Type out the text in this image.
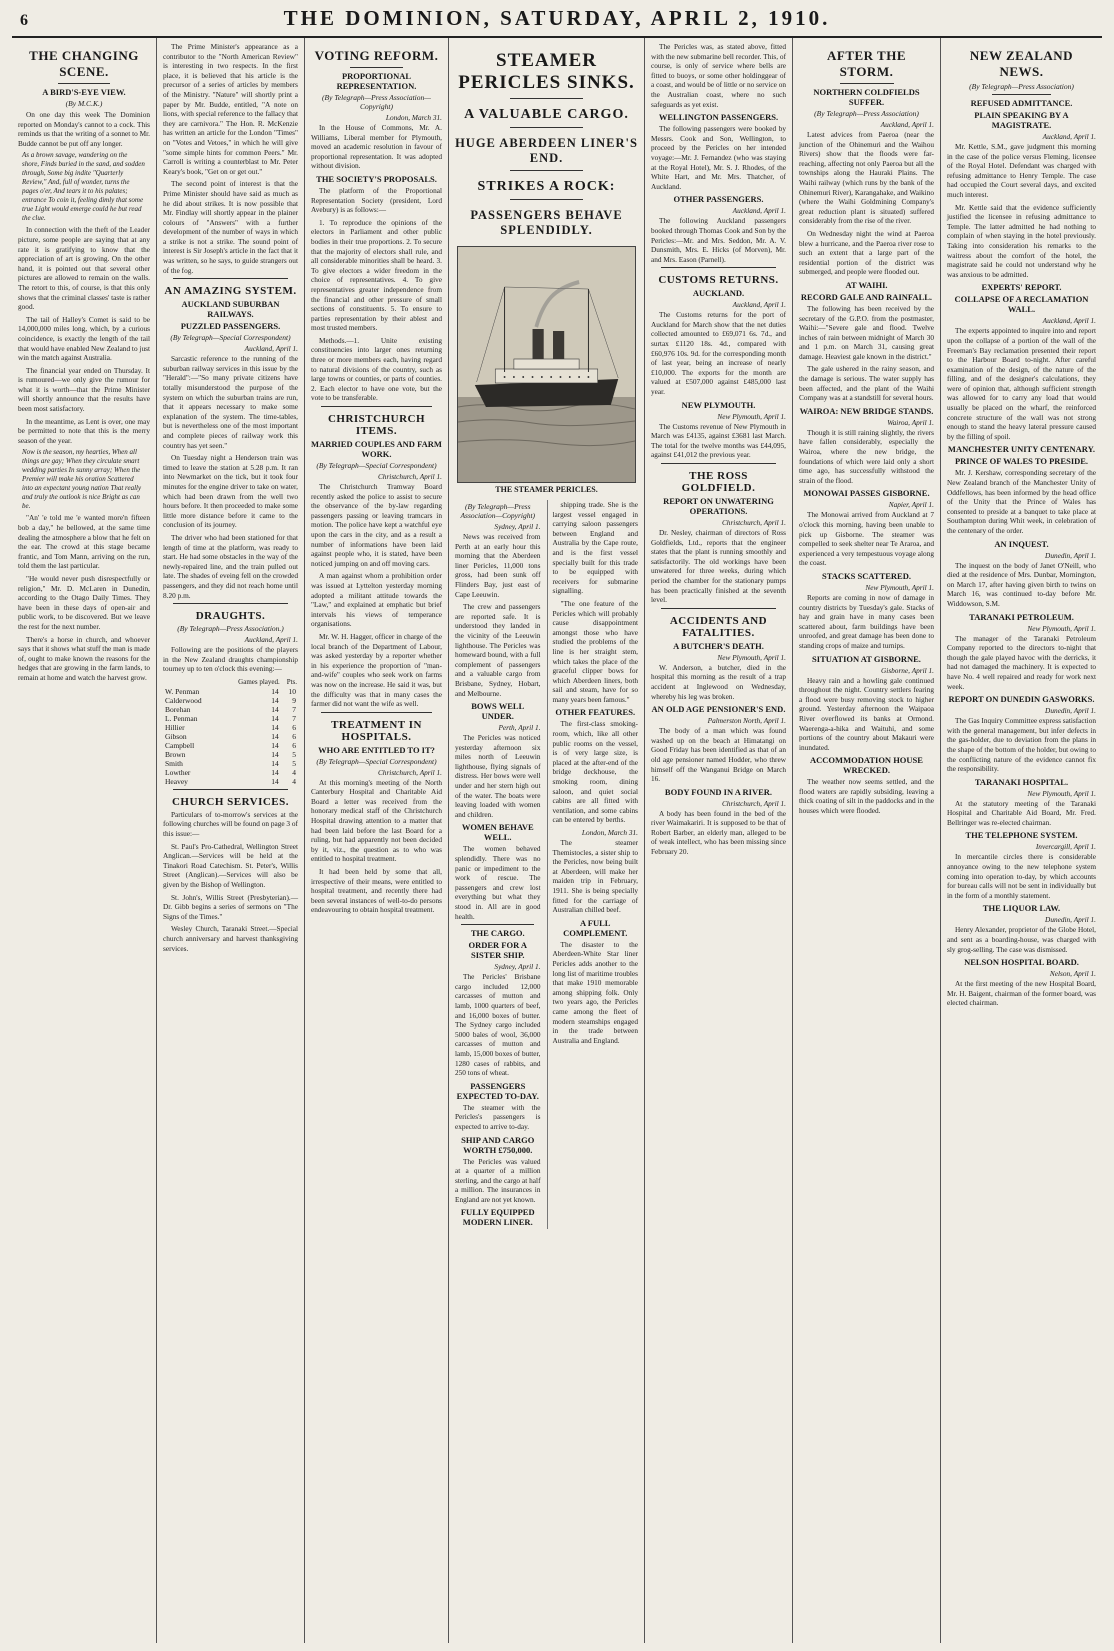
6	THE DOMINION, SATURDAY, APRIL 2, 1910.
THE CHANGING SCENE.
A BIRD'S-EYE VIEW.
(By M.C.K.)

On one day this week The Dominion reported on Monday's cannot to a cock. This reminds us that the writing of a sonnet to Mr. Budde cannot be put off any longer.

As a brown savage, wandering on the shore, Finds buried in the sand, and sodden through, Some big indite "Quarterly Review," And, full of wonder, turns the pages o'er, And tears it to his palates; entrance To coin it, feeling dimly that some true Light would emerge could he but read the clue.

In connection with the theft of the Leader picture, some people are saying that at any rate it is gratifying to know that the appreciation of art is growing. On the other hand, it is pointed out that several other pictures are allowed to remain on the walls. The retort to this, of course, is that this only shows that the criminal classes' taste is rather good.

The tail of Halley's Comet is said to be 14,000,000 miles long, which, by a curious coincidence, is exactly the length of the tail that would have enabled New Zealand to just win the match against Australia.

The financial year ended on Thursday. It is rumoured—we only give the rumour for what it is worth—that the Prime Minister will shortly announce that the results have been most satisfactory.

In the meantime, as Lent is over, one may be permitted to note that this is the merry season of the year.

Now is the season, my hearties, When all things are gay; When they circulate smart wedding parties In sunny array; When the Premier will make his oration Scattered into an expectant young nation That really and truly the outlook is nice Bright as can be.

"An' 'e told me 'e wanted more'n fifteen bob a day," he bellowed, at the same time dealing the atmosphere a blow that he felt on the ear. The crowd at this stage became frantic, and Tom Mann, arriving on the run, told them the last particular.

"He would never push disrespectfully or religion," Mr. D. McLaren in Dunedin, according to the Otago Daily Times. They have been in these days of open-air and public work, to be discovered. But we leave the rest for the next number.

There's a horse in church, and whoever says that it shows what stuff the man is made of, ought to make known the reasons for the hedges that are growing in the farm lands, to remain at home and watch the harvest grow.

The Prime Minister's appearance as a contributor to the "North American Review" is interesting in two respects. In the first place, it is believed that his article is the precursor of a series of articles by members of the Ministry. "Nature" will shortly print a paper by Mr. Budde, entitled, "A note on lions, with special reference to the fallacy that they are carnivora." The Hon. R. McKenzie has written an article for the London "Times" on "Votes and Vetoes," in which he will give "some simple hints for common Peers." Mr. Carroll is writing a counterblast to Mr. Peter Keary's book, "Get on or get out."

The second point of interest is that the Prime Minister should have said as much as he did about strikes. It is now possible that Mr. Findlay will shortly appear in the plainer colours of "Answers" with a further development of the number of ways in which a strike is not a strike. The sound point of interest is Sir Joseph's article in the fact that it was written, so he says, to guide strangers out of the fog.

AN AMAZING SYSTEM.
AUCKLAND SUBURBAN RAILWAYS.
PUZZLED PASSENGERS.
(By Telegraph—Special Correspondent)
Auckland, April 1.

Sarcastic reference to the running of the suburban railway services in this issue by the "Herald":—"So many private citizens have totally misunderstood the purpose of the system on which the suburban trains are run, that it appears necessary to make some explanation of the system. The time-tables, but is nevertheless one of the most important and complete pieces of railway work this country has yet seen."

On Tuesday night a Henderson train was timed to leave the station at 5.28 p.m. It ran into Newmarket on the tick, but it took four minutes for the engine driver to take on water, which had been drawn from the well two hours before. It then proceeded to make some little more distance before it came to the conclusion of its journey.

The driver who had been stationed for that length of time at the platform, was ready to start. He had some obstacles in the way of the newly-repaired line, and the train pulled out late. The shades of eveing fell on the crowded passengers, and they did not reach home until 8.20 p.m.

DRAUGHTS.
(By Telegraph—Press Association.)
Auckland, April 1.

Following are the positions of the players in the New Zealand draughts championship tourney up to ten o'clock this evening:—

	Games played.	Pts.
W. Penman	14	10
Calderwood	14	9
Borehan	14	7
L. Penman	14	7
Hillier	14	6
Gibson	14	6
Campbell	14	6
Brown	14	5
Smith	14	5
Lowther	14	4
Heavey	14	4
CHURCH SERVICES.

Particulars of to-morrow's services at the following churches will be found on page 3 of this issue:—

St. Paul's Pro-Cathedral, Wellington Street Anglican.—Services will be held at the Tinakori Road Catechism. St. Peter's, Willis Street (Anglican).—Services will also be given by the Bishop of Wellington.

St. John's, Willis Street (Presbyterian).—Dr. Gibb begins a series of sermons on "The Signs of the Times."

Wesley Church, Taranaki Street.—Special church anniversary and harvest thanksgiving services.

VOTING REFORM.
PROPORTIONAL REPRESENTATION.
(By Telegraph—Press Association—Copyright)
London, March 31.

In the House of Commons, Mr. A. Williams, Liberal member for Plymouth, moved an academic resolution in favour of proportional representation. It was adopted without division.

THE SOCIETY'S PROPOSALS.

The platform of the Proportional Representation Society (president, Lord Avebury) is as follows:—

1. To reproduce the opinions of the electors in Parliament and other public bodies in their true proportions. 2. To secure that the majority of electors shall rule, and all considerable minorities shall be heard. 3. To give electors a wider freedom in the choice of representatives. 4. To give representatives greater independence from the financial and other pressure of small sections of constituents. 5. To ensure to parties representation by their ablest and most trusted members.

Methods.—1. Unite existing constituencies into larger ones returning three or more members each, having regard to natural divisions of the country, such as large towns or counties, or parts of counties. 2. Each elector to have one vote, but the vote to be transferable.

CHRISTCHURCH ITEMS.
MARRIED COUPLES AND FARM WORK.
(By Telegraph—Special Correspondent)
Christchurch, April 1.

The Christchurch Tramway Board recently asked the police to assist to secure the observance of the by-law regarding passengers passing or leaving tramcars in motion. The police have kept a watchful eye upon the cars in the city, and as a result a number of informations have been laid against people who, it is stated, have been noticed jumping on and off moving cars.

A man against whom a prohibition order was issued at Lyttelton yesterday morning adopted a militant attitude towards the "Law," and explained at emphatic but brief intervals his views of temperance organisations.

Mr. W. H. Hagger, officer in charge of the local branch of the Department of Labour, was asked yesterday by a reporter whether in his experience the proportion of "man-and-wife" couples who seek work on farms was now on the increase. He said it was, but the difficulty was that in many cases the farmer did not want the wife as well.

TREATMENT IN HOSPITALS.
WHO ARE ENTITLED TO IT?
(By Telegraph—Special Correspondent)
Christchurch, April 1.

At this morning's meeting of the North Canterbury Hospital and Charitable Aid Board a letter was received from the honorary medical staff of the Christchurch Hospital drawing attention to a matter that had been laid before the last Board for a ruling, but had apparently not been decided by it, viz., the question as to who was entitled to hospital treatment.

It had been held by some that all, irrespective of their means, were entitled to hospital treatment, and recently there had been several instances of well-to-do persons endeavouring to obtain hospital treatment.

STEAMER PERICLES SINKS.
A VALUABLE CARGO.
HUGE ABERDEEN LINER'S END.
STRIKES A ROCK:
PASSENGERS BEHAVE SPLENDIDLY.
THE STEAMER PERICLES.
(By Telegraph—Press Association—Copyright)
Sydney, April 1.

News was received from Perth at an early hour this morning that the Aberdeen liner Pericles, 11,000 tons gross, had been sunk off Flinders Bay, just east of Cape Leeuwin.

The crew and passengers are reported safe. It is understood they landed in the vicinity of the Leeuwin lighthouse. The Pericles was homeward bound, with a full complement of passengers and a valuable cargo from Brisbane, Sydney, Hobart, and Melbourne.

BOWS WELL UNDER.
Perth, April 1.

The Pericles was noticed yesterday afternoon six miles north of Leeuwin lighthouse, flying signals of distress. Her bows were well under and her stern high out of the water. The boats were leaving loaded with women and children.

WOMEN BEHAVE WELL.

The women behaved splendidly. There was no panic or impediment to the work of rescue. The passengers and crew lost everything but what they stood in. All are in good health.

THE CARGO.
ORDER FOR A SISTER SHIP.
Sydney, April 1.

The Pericles' Brisbane cargo included 12,000 carcasses of mutton and lamb, 1000 quarters of beef, and 16,000 boxes of butter. The Sydney cargo included 5000 bales of wool, 36,000 carcasses of mutton and lamb, 15,000 boxes of butter, 1280 cases of rabbits, and 250 tons of wheat.

PASSENGERS EXPECTED TO-DAY.

The steamer with the Pericles's passengers is expected to arrive to-day.

SHIP AND CARGO WORTH £750,000.

The Pericles was valued at a quarter of a million sterling, and the cargo at half a million. The insurances in England are not yet known.

FULLY EQUIPPED MODERN LINER.

shipping trade. She is the largest vessel engaged in carrying saloon passengers between England and Australia by the Cape route, and is the first vessel specially built for this trade to be equipped with receivers for submarine signalling.

"The one feature of the Pericles which will probably cause disappointment amongst those who have studied the problems of the line is her straight stem, which takes the place of the graceful clipper bows for which Aberdeen liners, both sail and steam, have for so many years been famous."

OTHER FEATURES.

The first-class smoking-room, which, like all other public rooms on the vessel, is of very large size, is placed at the after-end of the bridge deckhouse, the smoking room, dining saloon, and quiet social cabins are all fitted with ventilation, and some cabins can be entered by berths.

London, March 31.

The steamer Themistocles, a sister ship to the Pericles, now being built at Aberdeen, will make her maiden trip in February, 1911. She is being specially fitted for the carriage of Australian chilled beef.

A FULL COMPLEMENT.

The disaster to the Aberdeen-White Star liner Pericles adds another to the long list of maritime troubles that make 1910 memorable among shipping folk. Only two years ago, the Pericles came among the fleet of modern steamships engaged in the trade between Australia and England.

The Pericles was, as stated above, fitted with the new submarine bell recorder. This, of course, is only of service where bells are fitted to buoys, or some other holdinggear of a coast, and would be of little or no service on the Australian coast, where no such safeguards as yet exist.

WELLINGTON PASSENGERS.

The following passengers were booked by Messrs. Cook and Son, Wellington, to proceed by the Pericles on her intended voyage:—Mr. J. Fernandez (who was staying at the Royal Hotel), Mr. S. J. Rhodes, of the White Hart, and Mr. Mrs. Thatcher, of Auckland.

OTHER PASSENGERS.
Auckland, April 1.

The following Auckland passengers booked through Thomas Cook and Son by the Pericles:—Mr. and Mrs. Seddon, Mr. A. V. Dunsmith, Mrs. E. Hicks (of Morven), Mr. and Mrs. Eason (Parnell).

CUSTOMS RETURNS.
AUCKLAND.
Auckland, April 1.

The Customs returns for the port of Auckland for March show that the net duties collected amounted to £69,071 6s. 7d., and surtax £1120 18s. 4d., compared with £60,976 10s. 9d. for the corresponding month of last year, being an increase of nearly £10,000. The exports for the month are valued at £507,000 against £485,000 last year.

NEW PLYMOUTH.
New Plymouth, April 1.

The Customs revenue of New Plymouth in March was £4135, against £3681 last March. The total for the twelve months was £44,095, against £41,012 the previous year.

THE ROSS GOLDFIELD.
REPORT ON UNWATERING OPERATIONS.
Christchurch, April 1.

Dr. Nesley, chairman of directors of Ross Goldfields, Ltd., reports that the engineer states that the plant is running smoothly and satisfactorily. The old workings have been unwatered for three weeks, during which period the chamber for the stationary pumps has been practically finished at the seventh level.

ACCIDENTS AND FATALITIES.
A BUTCHER'S DEATH.
New Plymouth, April 1.

W. Anderson, a butcher, died in the hospital this morning as the result of a trap accident at Inglewood on Wednesday, whereby his leg was broken.

AN OLD AGE PENSIONER'S END.
Palmerston North, April 1.

The body of a man which was found washed up on the beach at Himatangi on Good Friday has been identified as that of an old age pensioner named Hodder, who threw himself off the Wanganui Bridge on March 16.

BODY FOUND IN A RIVER.
Christchurch, April 1.

A body has been found in the bed of the river Waimakariri. It is supposed to be that of Robert Barber, an elderly man, alleged to be of weak intellect, who has been missing since February 20.

AFTER THE STORM.
NORTHERN COLDFIELDS SUFFER.
(By Telegraph—Press Association)
Auckland, April 1.

Latest advices from Paeroa (near the junction of the Ohinemuri and the Waihou Rivers) show that the floods were far-reaching, affecting not only Paeroa but all the townships along the Hauraki Plains. The Waihi railway (which runs by the bank of the Ohinemuri River), Karangahake, and Waikino (where the Waihi Goldmining Company's great reduction plant is situated) suffered considerably from the rise of the river.

On Wednesday night the wind at Paeroa blew a hurricane, and the Paeroa river rose to such an extent that a large part of the residential portion of the district was submerged, and people were flooded out.

AT WAIHI.
RECORD GALE AND RAINFALL.

The following has been received by the secretary of the G.P.O. from the postmaster, Waihi:—"Severe gale and flood. Twelve inches of rain between midnight of March 30 and 1 p.m. on March 31, causing great damage. Heaviest gale known in the district."

The gale ushered in the rainy season, and the damage is serious. The water supply has been affected, and the plant of the Waihi Company was at a standstill for several hours.

WAIROA: NEW BRIDGE STANDS.
Wairoa, April 1.

Though it is still raining slightly, the rivers have fallen considerably, especially the Wairoa, where the new bridge, the foundations of which were laid only a short time ago, has successfully withstood the strain of the flood.

MONOWAI PASSES GISBORNE.
Napier, April 1.

The Monowai arrived from Auckland at 7 o'clock this morning, having been unable to pick up Gisborne. The steamer was compelled to seek shelter near Te Araroa, and experienced a very tempestuous voyage along the coast.

STACKS SCATTERED.
New Plymouth, April 1.

Reports are coming in now of damage in country districts by Tuesday's gale. Stacks of hay and grain have in many cases been scattered about, farm buildings have been unroofed, and great damage has been done to standing crops of maize and turnips.

SITUATION AT GISBORNE.
Gisborne, April 1.

Heavy rain and a howling gale continued throughout the night. Country settlers fearing a flood were busy removing stock to higher ground. Yesterday afternoon the Waipaoa River overflowed its banks at Ormond. Waerenga-a-hika and Waituhi, and some portions of the country about Makauri were inundated.

ACCOMMODATION HOUSE WRECKED.

The weather now seems settled, and the flood waters are rapidly subsiding, leaving a thick coating of silt in the paddocks and in the houses which were flooded.

NEW ZEALAND NEWS.
(By Telegraph—Press Association)
REFUSED ADMITTANCE.
PLAIN SPEAKING BY A MAGISTRATE.
Auckland, April 1.

Mr. Kettle, S.M., gave judgment this morning in the case of the police versus Fleming, licensee of the Royal Hotel. Defendant was charged with refusing admittance to Henry Temple. The case had occupied the Court several days, and excited much interest.

Mr. Kettle said that the evidence sufficiently justified the licensee in refusing admittance to Temple. The latter admitted he had nothing to complain of when staying in the hotel previously. Taking into consideration his remarks to the waitress about the comfort of the hotel, the magistrate said he could not understand why he was anxious to be admitted.

EXPERTS' REPORT.
COLLAPSE OF A RECLAMATION WALL.
Auckland, April 1.

The experts appointed to inquire into and report upon the collapse of a portion of the wall of the Freeman's Bay reclamation presented their report to the Harbour Board to-night. After careful examination of the design, of the nature of the filling, and of the designer's calculations, they were of opinion that, although sufficient strength was allowed for to carry any load that would usually be placed on the wharf, the reinforced concrete structure of the wall was not strong enough to stand the heavy lateral pressure caused by the filling of spoil.

MANCHESTER UNITY CENTENARY.
PRINCE OF WALES TO PRESIDE.

Mr. J. Kershaw, corresponding secretary of the New Zealand branch of the Manchester Unity of Oddfellows, has been informed by the head office of the Unity that the Prince of Wales has consented to preside at a banquet to take place at Southampton during Whit week, in celebration of the centenary of the order.

AN INQUEST.
Dunedin, April 1.

The inquest on the body of Janet O'Neill, who died at the residence of Mrs. Dunbar, Mornington, on March 17, after having given birth to twins on March 16, was continued to-day before Mr. Widdowson, S.M.

TARANAKI PETROLEUM.
New Plymouth, April 1.

The manager of the Taranaki Petroleum Company reported to the directors to-night that though the gale played havoc with the derricks, it had not damaged the machinery. It is expected to have No. 4 well repaired and ready for work next week.

REPORT ON DUNEDIN GASWORKS.
Dunedin, April 1.

The Gas Inquiry Committee express satisfaction with the general management, but infer defects in the gas-holder, due to deviation from the plans in the shape of the bottom of the holder, but owing to the conflicting nature of the evidence cannot fix the responsibility.

TARANAKI HOSPITAL.
New Plymouth, April 1.

At the statutory meeting of the Taranaki Hospital and Charitable Aid Board, Mr. Fred. Bellringer was re-elected chairman.

THE TELEPHONE SYSTEM.
Invercargill, April 1.

In mercantile circles there is considerable annoyance owing to the new telephone system coming into operation to-day, by which accounts for bureau calls will not be sent in individually but in the form of a monthly statement.

THE LIQUOR LAW.
Dunedin, April 1.

Henry Alexander, proprietor of the Globe Hotel, and sent as a boarding-house, was charged with sly grog-selling. The case was dismissed.

NELSON HOSPITAL BOARD.
Nelson, April 1.

At the first meeting of the new Hospital Board, Mr. H. Baigent, chairman of the former board, was elected chairman.
